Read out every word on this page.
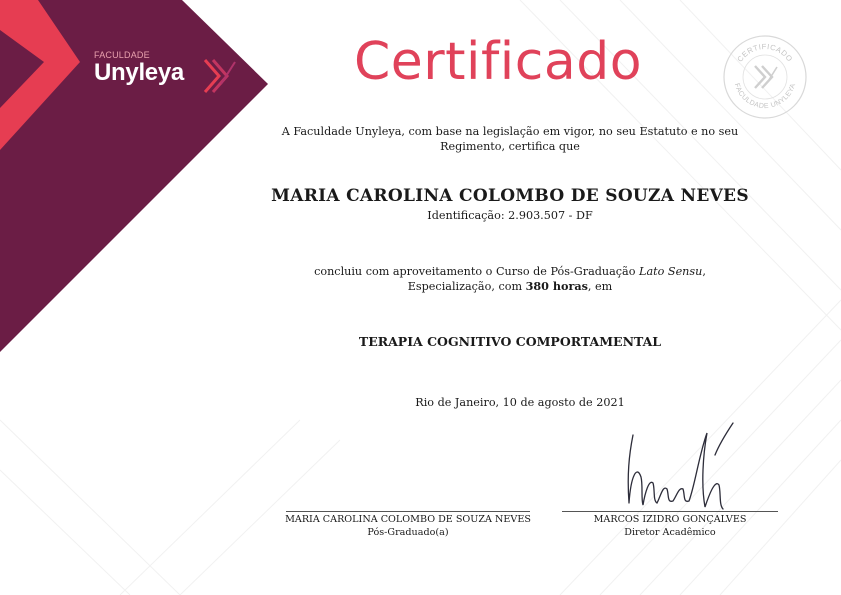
FACULDADE
Unyleya
CERTIFICADO
FACULDADE UNYLEYA
Certificado
A Faculdade Unyleya, com base na legislação em vigor, no seu Estatuto e no seu
Regimento, certifica que
MARIA CAROLINA COLOMBO DE SOUZA NEVES
Identificação: 2.903.507 - DF
concluiu com aproveitamento o Curso de Pós-Graduação Lato Sensu,
Especialização, com 380 horas, em
TERAPIA COGNITIVO COMPORTAMENTAL
Rio de Janeiro, 10 de agosto de 2021
MARIA CAROLINA COLOMBO DE SOUZA NEVES
Pós-Graduado(a)
MARCOS IZIDRO GONÇALVES
Diretor Acadêmico
